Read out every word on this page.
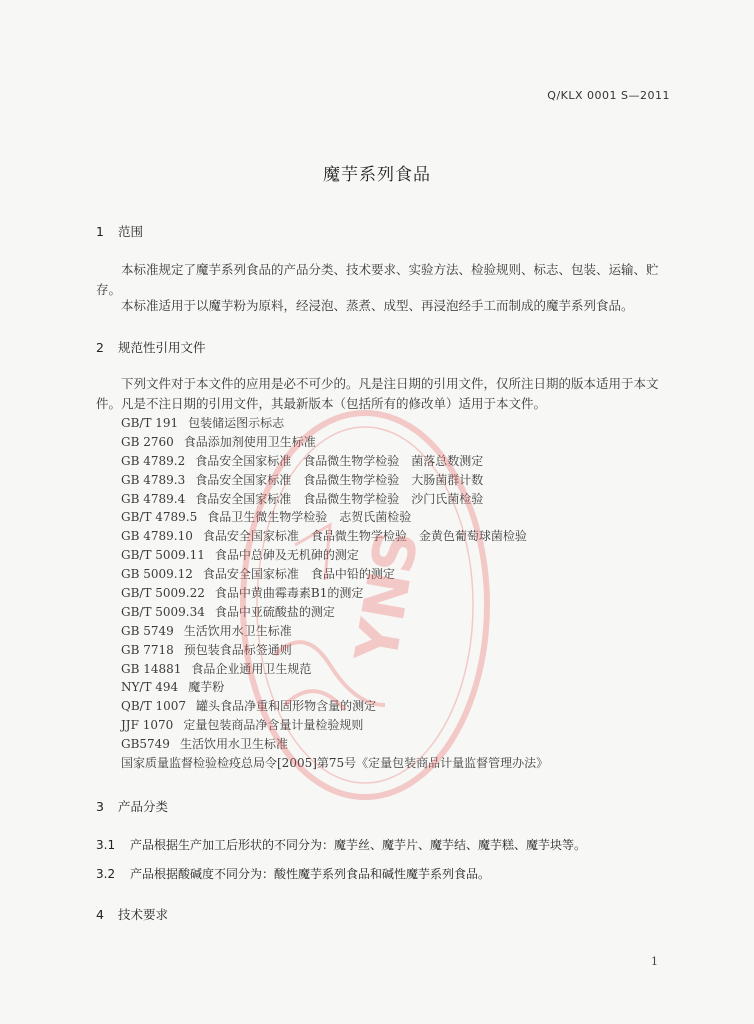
Q/KLX 0001 S—2011
魔芋系列食品
1 范围
本标准规定了魔芋系列食品的产品分类、技术要求、实验方法、检验规则、标志、包装、运输、贮存。
本标准适用于以魔芋粉为原料，经浸泡、蒸煮、成型、再浸泡经手工而制成的魔芋系列食品。
2 规范性引用文件
下列文件对于本文件的应用是必不可少的。凡是注日期的引用文件，仅所注日期的版本适用于本文件。凡是不注日期的引用文件，其最新版本（包括所有的修改单）适用于本文件。
GB/T 191 包装储运图示标志
GB 2760 食品添加剂使用卫生标准
GB 4789.2 食品安全国家标准　食品微生物学检验　菌落总数测定
GB 4789.3 食品安全国家标准　食品微生物学检验　大肠菌群计数
GB 4789.4 食品安全国家标准　食品微生物学检验　沙门氏菌检验
GB/T 4789.5 食品卫生微生物学检验　志贺氏菌检验
GB 4789.10 食品安全国家标准　食品微生物学检验　金黄色葡萄球菌检验
GB/T 5009.11 食品中总砷及无机砷的测定
GB 5009.12 食品安全国家标准　食品中铅的测定
GB/T 5009.22 食品中黄曲霉毒素B1的测定
GB/T 5009.34 食品中亚硫酸盐的测定
GB 5749 生活饮用水卫生标准
GB 7718 预包装食品标签通则
GB 14881 食品企业通用卫生规范
NY/T 494 魔芋粉
QB/T 1007 罐头食品净重和固形物含量的测定
JJF 1070 定量包装商品净含量计量检验规则
GB5749 生活饮用水卫生标准
国家质量监督检验检疫总局令[2005]第75号《定量包装商品计量监督管理办法》
3 产品分类
3.1 产品根据生产加工后形状的不同分为：魔芋丝、魔芋片、魔芋结、魔芋糕、魔芋块等。
3.2 产品根据酸碱度不同分为：酸性魔芋系列食品和碱性魔芋系列食品。
4 技术要求
YNS
1
